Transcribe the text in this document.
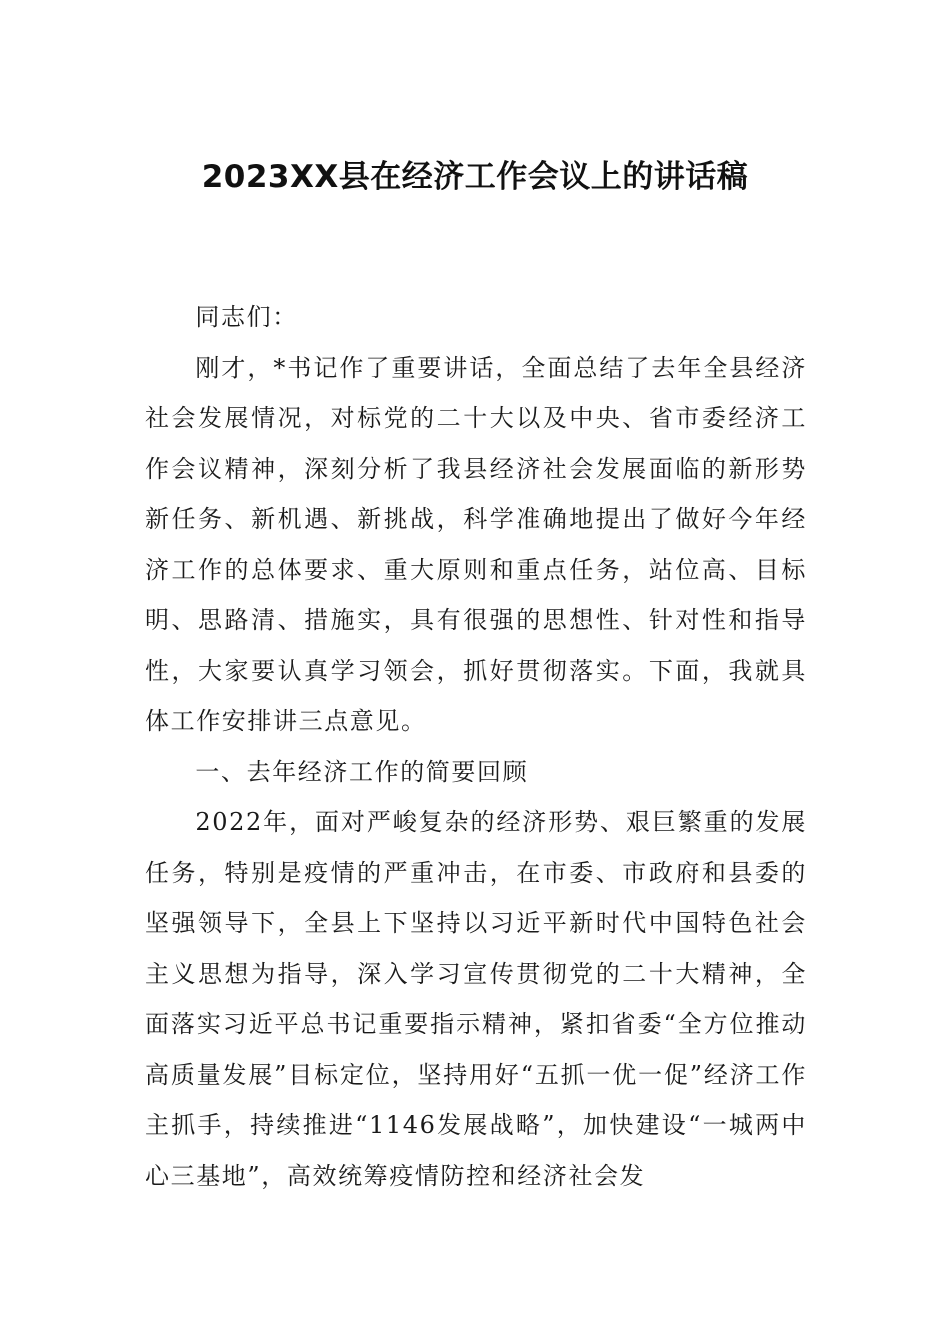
2023XX县在经济工作会议上的讲话稿

同志们：

刚才，*书记作了重要讲话，全面总结了去年全县经济社会发展情况，对标党的二十大以及中央、省市委经济工作会议精神，深刻分析了我县经济社会发展面临的新形势新任务、新机遇、新挑战，科学准确地提出了做好今年经济工作的总体要求、重大原则和重点任务，站位高、目标明、思路清、措施实，具有很强的思想性、针对性和指导性，大家要认真学习领会，抓好贯彻落实。下面，我就具体工作安排讲三点意见。

一、去年经济工作的简要回顾

2022年，面对严峻复杂的经济形势、艰巨繁重的发展任务，特别是疫情的严重冲击，在市委、市政府和县委的坚强领导下，全县上下坚持以习近平新时代中国特色社会主义思想为指导，深入学习宣传贯彻党的二十大精神，全面落实习近平总书记重要指示精神，紧扣省委“全方位推动高质量发展”目标定位，坚持用好“五抓一优一促”经济工作主抓手，持续推进“1146发展战略”，加快建设“一城两中心三基地”，高效统筹疫情防控和经济社会发
